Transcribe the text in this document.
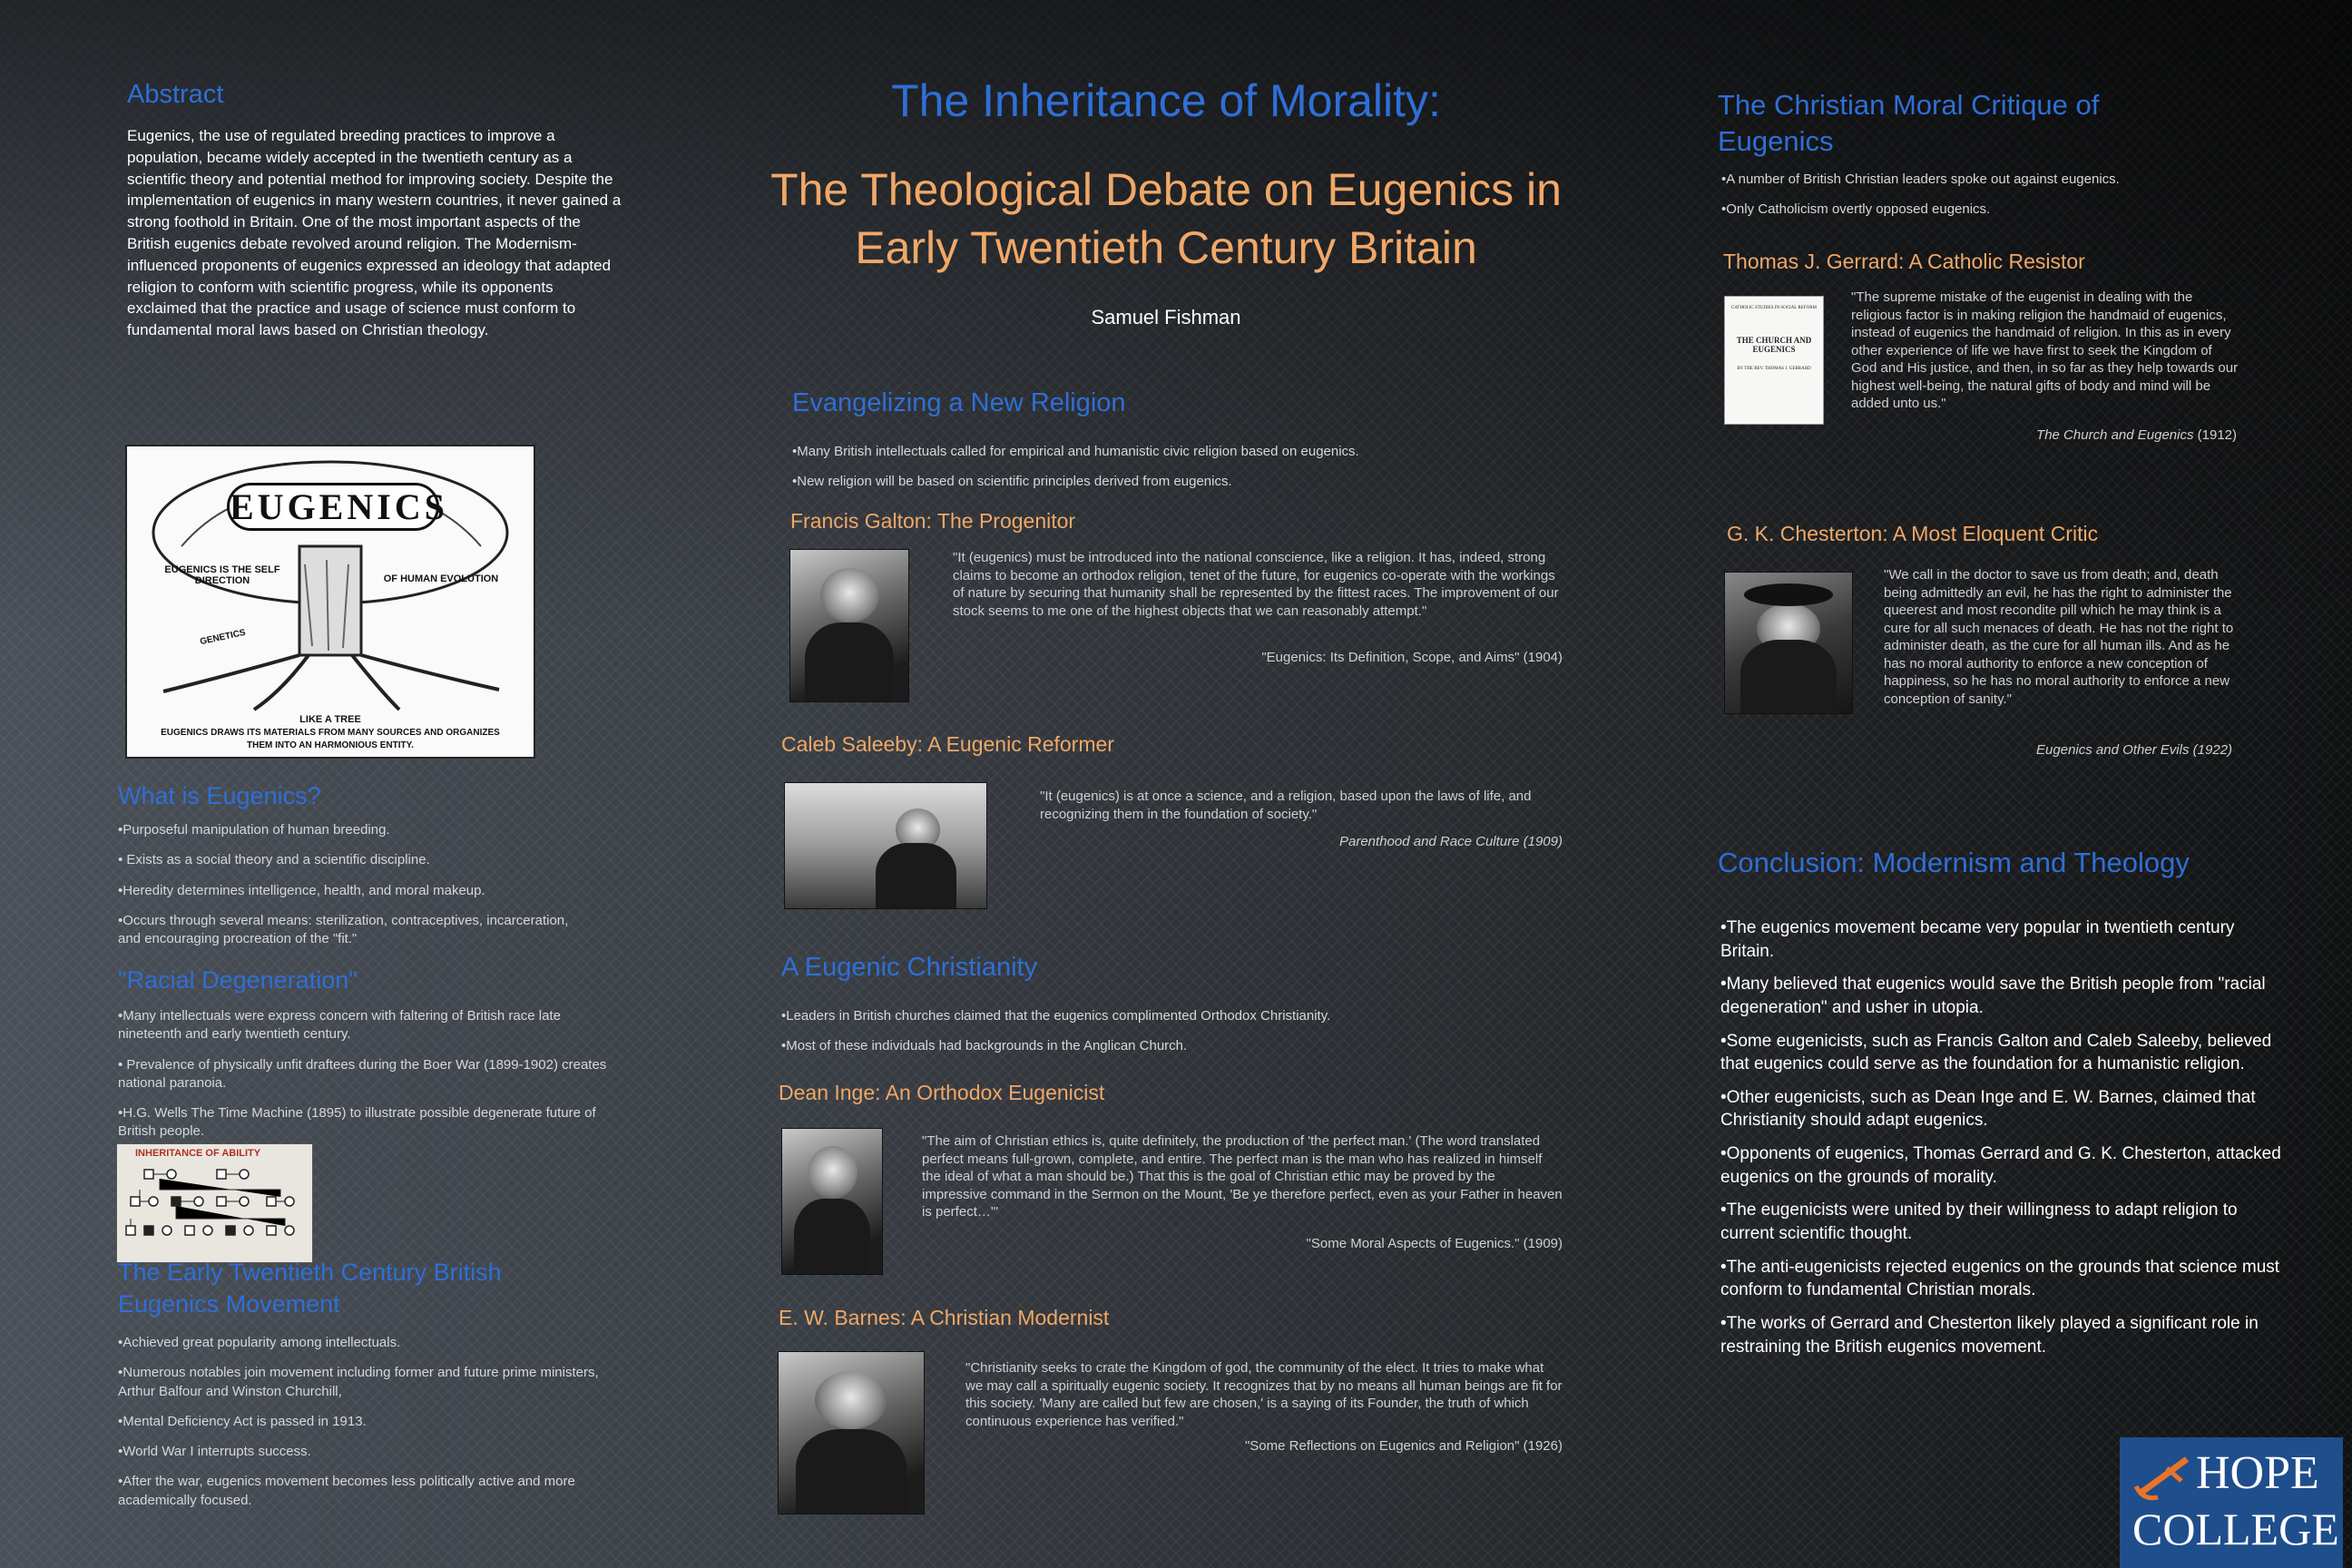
The Inheritance of Morality:
The Theological Debate on Eugenics in
Early Twentieth Century Britain
Samuel Fishman
Abstract
Eugenics, the use of regulated breeding practices to improve a population, became widely accepted in the twentieth century as a scientific theory and potential method for improving society. Despite the implementation of eugenics in many western countries, it never gained a strong foothold in Britain. One of the most important aspects of the British eugenics debate revolved around religion. The Modernism-influenced proponents of eugenics expressed an ideology that adapted religion to conform with scientific progress, while its opponents exclaimed that the practice and usage of science must conform to fundamental moral laws based on Christian theology.
EUGENICS
EUGENICS IS THE SELF DIRECTION	OF HUMAN EVOLUTION
GENETICS
LIKE A TREE
EUGENICS DRAWS ITS MATERIALS FROM MANY SOURCES AND ORGANIZES
THEM INTO AN HARMONIOUS ENTITY.
What is Eugenics?

•Purposeful manipulation of human breeding.

• Exists as a social theory and a scientific discipline.

•Heredity determines intelligence, health, and moral makeup.

•Occurs through several means: sterilization, contraceptives, incarceration, and encouraging procreation of the "fit."

"Racial Degeneration"

•Many intellectuals were express concern with faltering of British race late nineteenth and early twentieth century.

• Prevalence of physically unfit draftees during the Boer War (1899-1902) creates national paranoia.

•H.G. Wells The Time Machine (1895) to illustrate possible degenerate future of British people.

INHERITANCE OF ABILITY
The Early Twentieth Century British Eugenics Movement

•Achieved great popularity among intellectuals.

•Numerous notables join movement including former and future prime ministers, Arthur Balfour and Winston Churchill,

•Mental Deficiency Act is passed in 1913.

•World War I interrupts success.

•After the war, eugenics movement becomes less politically active and more academically focused.

Evangelizing a New Religion

•Many British intellectuals called for empirical and humanistic civic religion based on eugenics.

•New religion will be based on scientific principles derived from eugenics.

Francis Galton: The Progenitor
"It (eugenics) must be introduced into the national conscience, like a religion. It has, indeed, strong claims to become an orthodox religion, tenet of the future, for eugenics co-operate with the workings of nature by securing that humanity shall be represented by the fittest races. The improvement of our stock seems to me one of the highest objects that we can reasonably attempt."
"Eugenics: Its Definition, Scope, and Aims" (1904)
Caleb Saleeby: A Eugenic Reformer
"It (eugenics) is at once a science, and a religion, based upon the laws of life, and recognizing them in the foundation of society."
Parenthood and Race Culture (1909)
A Eugenic Christianity

•Leaders in British churches claimed that the eugenics complimented Orthodox Christianity.

•Most of these individuals had backgrounds in the Anglican Church.

Dean Inge: An Orthodox Eugenicist
"The aim of Christian ethics is, quite definitely, the production of 'the perfect man.' (The word translated perfect means full-grown, complete, and entire. The perfect man is the man who has realized in himself the ideal of what a man should be.) That this is the goal of Christian ethic may be proved by the impressive command in the Sermon on the Mount, 'Be ye therefore perfect, even as your Father in heaven is perfect…'"
"Some Moral Aspects of Eugenics." (1909)
E. W. Barnes: A Christian Modernist
"Christianity seeks to crate the Kingdom of god, the community of the elect. It tries to make what we may call a spiritually eugenic society. It recognizes that by no means all human beings are fit for this society. 'Many are called but few are chosen,' is a saying of its Founder, the truth of which continuous experience has verified."
"Some Reflections on Eugenics and Religion" (1926)
The Christian Moral Critique of Eugenics

•A number of British Christian leaders spoke out against eugenics.

•Only Catholicism overtly opposed eugenics.

Thomas J. Gerrard: A Catholic Resistor
CATHOLIC STUDIES IN SOCIAL REFORM
THE CHURCH AND EUGENICS
BY THE REV. THOMAS J. GERRARD
"The supreme mistake of the eugenist in dealing with the religious factor is in making religion the handmaid of eugenics, instead of eugenics the handmaid of religion. In this as in every other experience of life we have first to seek the Kingdom of God and His justice, and then, in so far as they help towards our highest well-being, the natural gifts of body and mind will be added unto us."
The Church and Eugenics (1912)
G. K. Chesterton: A Most Eloquent Critic
"We call in the doctor to save us from death; and, death being admittedly an evil, he has the right to administer the queerest and most recondite pill which he may think is a cure for all such menaces of death. He has not the right to administer death, as the cure for all human ills. And as he has no moral authority to enforce a new conception of happiness, so he has no moral authority to enforce a new conception of sanity."
Eugenics and Other Evils (1922)
Conclusion: Modernism and Theology

•The eugenics movement became very popular in twentieth century Britain.

•Many believed that eugenics would save the British people from "racial degeneration" and usher in utopia.

•Some eugenicists, such as Francis Galton and Caleb Saleeby, believed that eugenics could serve as the foundation for a humanistic religion.

•Other eugenicists, such as Dean Inge and E. W. Barnes, claimed that Christianity should adapt eugenics.

•Opponents of eugenics, Thomas Gerrard and G. K. Chesterton, attacked eugenics on the grounds of morality.

•The eugenicists were united by their willingness to adapt religion to current scientific thought.

•The anti-eugenicists rejected eugenics on the grounds that science must conform to fundamental Christian morals.

•The works of Gerrard and Chesterton likely played a significant role in restraining the British eugenics movement.

HOPE
COLLEGE
